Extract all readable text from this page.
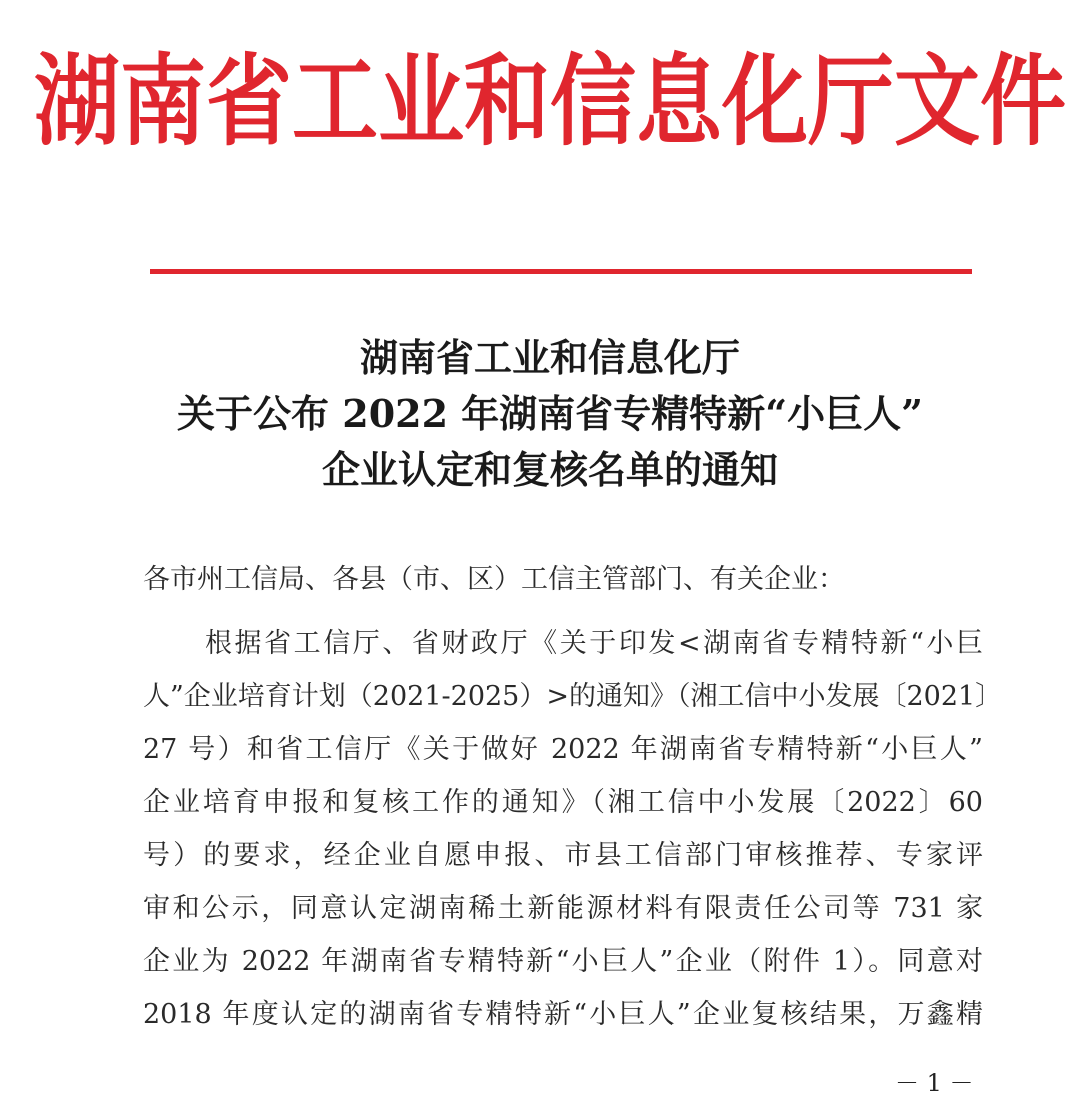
湖南省工业和信息化厅文件
湖南省工业和信息化厅
关于公布 2022 年湖南省专精特新“小巨人”
企业认定和复核名单的通知
各市州工信局、各县（市、区）工信主管部门、有关企业：
根据省工信厅、省财政厅《关于印发<湖南省专精特新“小巨
人”企业培育计划（2021-2025）>的通知》（湘工信中小发展〔2021〕
27 号）和省工信厅《关于做好 2022 年湖南省专精特新“小巨人”
企业培育申报和复核工作的通知》（湘工信中小发展〔2022〕60
号）的要求，经企业自愿申报、市县工信部门审核推荐、专家评
审和公示，同意认定湖南稀土新能源材料有限责任公司等 731 家
企业为 2022 年湖南省专精特新“小巨人”企业（附件 1）。同意对
2018 年度认定的湖南省专精特新“小巨人”企业复核结果，万鑫精
－ 1 －
